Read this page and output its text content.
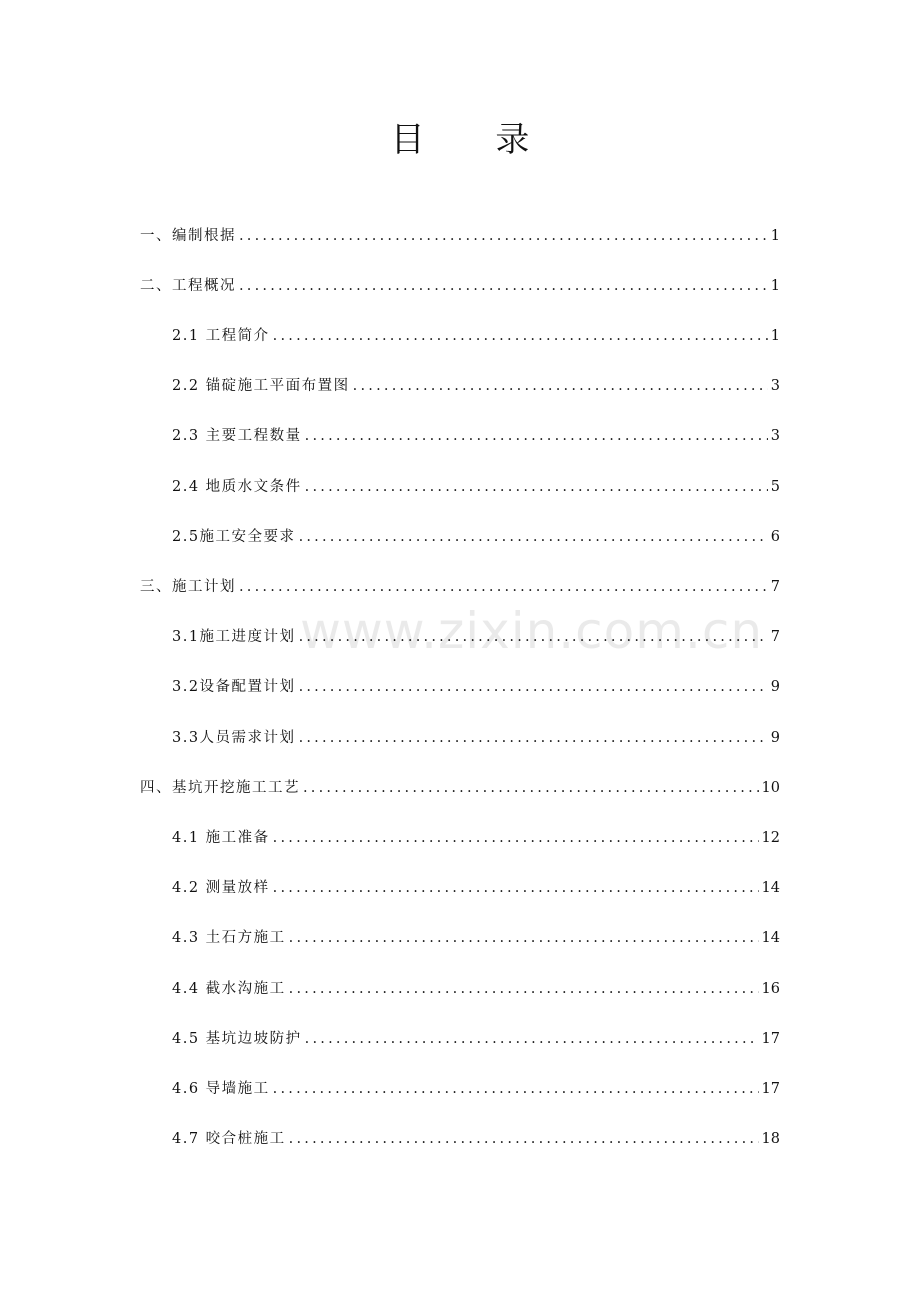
目 录
www.zixin.com.cn
一、编制根据 .....	1
二、工程概况 .....	1
2.1 工程简介 .....	1
2.2 锚碇施工平面布置图 .....	3
2.3 主要工程数量 .....	3
2.4 地质水文条件 .....	5
2.5施工安全要求 .....	6
三、施工计划 .....	7
3.1施工进度计划 .....	7
3.2设备配置计划 .....	9
3.3人员需求计划 .....	9
四、基坑开挖施工工艺 .....	10
4.1 施工准备 .....	12
4.2 测量放样 .....	14
4.3 土石方施工 .....	14
4.4 截水沟施工 .....	16
4.5 基坑边坡防护 .....	17
4.6 导墙施工 .....	17
4.7 咬合桩施工 .....	18
